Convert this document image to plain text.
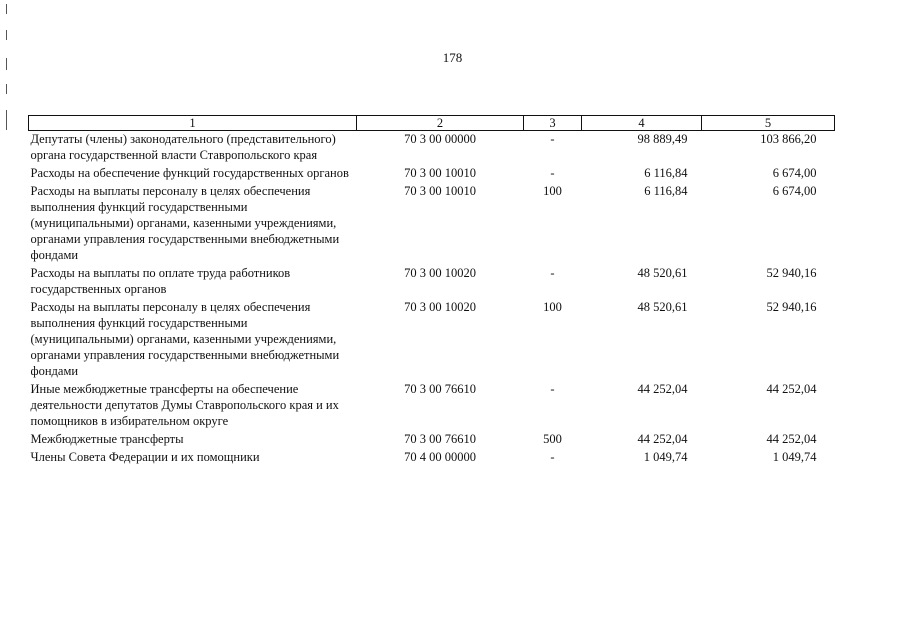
178
1	2	3	4	5
Депутаты (члены) законодательного (представительного) органа государственной власти Ставропольского края	70 3 00 00000	-	98 889,49	103 866,20
Расходы на обеспечение функций государственных органов	70 3 00 10010	-	6 116,84	6 674,00
Расходы на выплаты персоналу в целях обеспечения выполнения функций государственными (муниципальными) органами, казенными учреждениями, органами управления государственными внебюджетными фондами	70 3 00 10010	100	6 116,84	6 674,00
Расходы на выплаты по оплате труда работников государственных органов	70 3 00 10020	-	48 520,61	52 940,16
Расходы на выплаты персоналу в целях обеспечения выполнения функций государственными (муниципальными) органами, казенными учреждениями, органами управления государственными внебюджетными фондами	70 3 00 10020	100	48 520,61	52 940,16
Иные межбюджетные трансферты на обеспечение деятельности депутатов Думы Ставропольского края и их помощников в избирательном округе	70 3 00 76610	-	44 252,04	44 252,04
Межбюджетные трансферты	70 3 00 76610	500	44 252,04	44 252,04
Члены Совета Федерации и их помощники	70 4 00 00000	-	1 049,74	1 049,74
